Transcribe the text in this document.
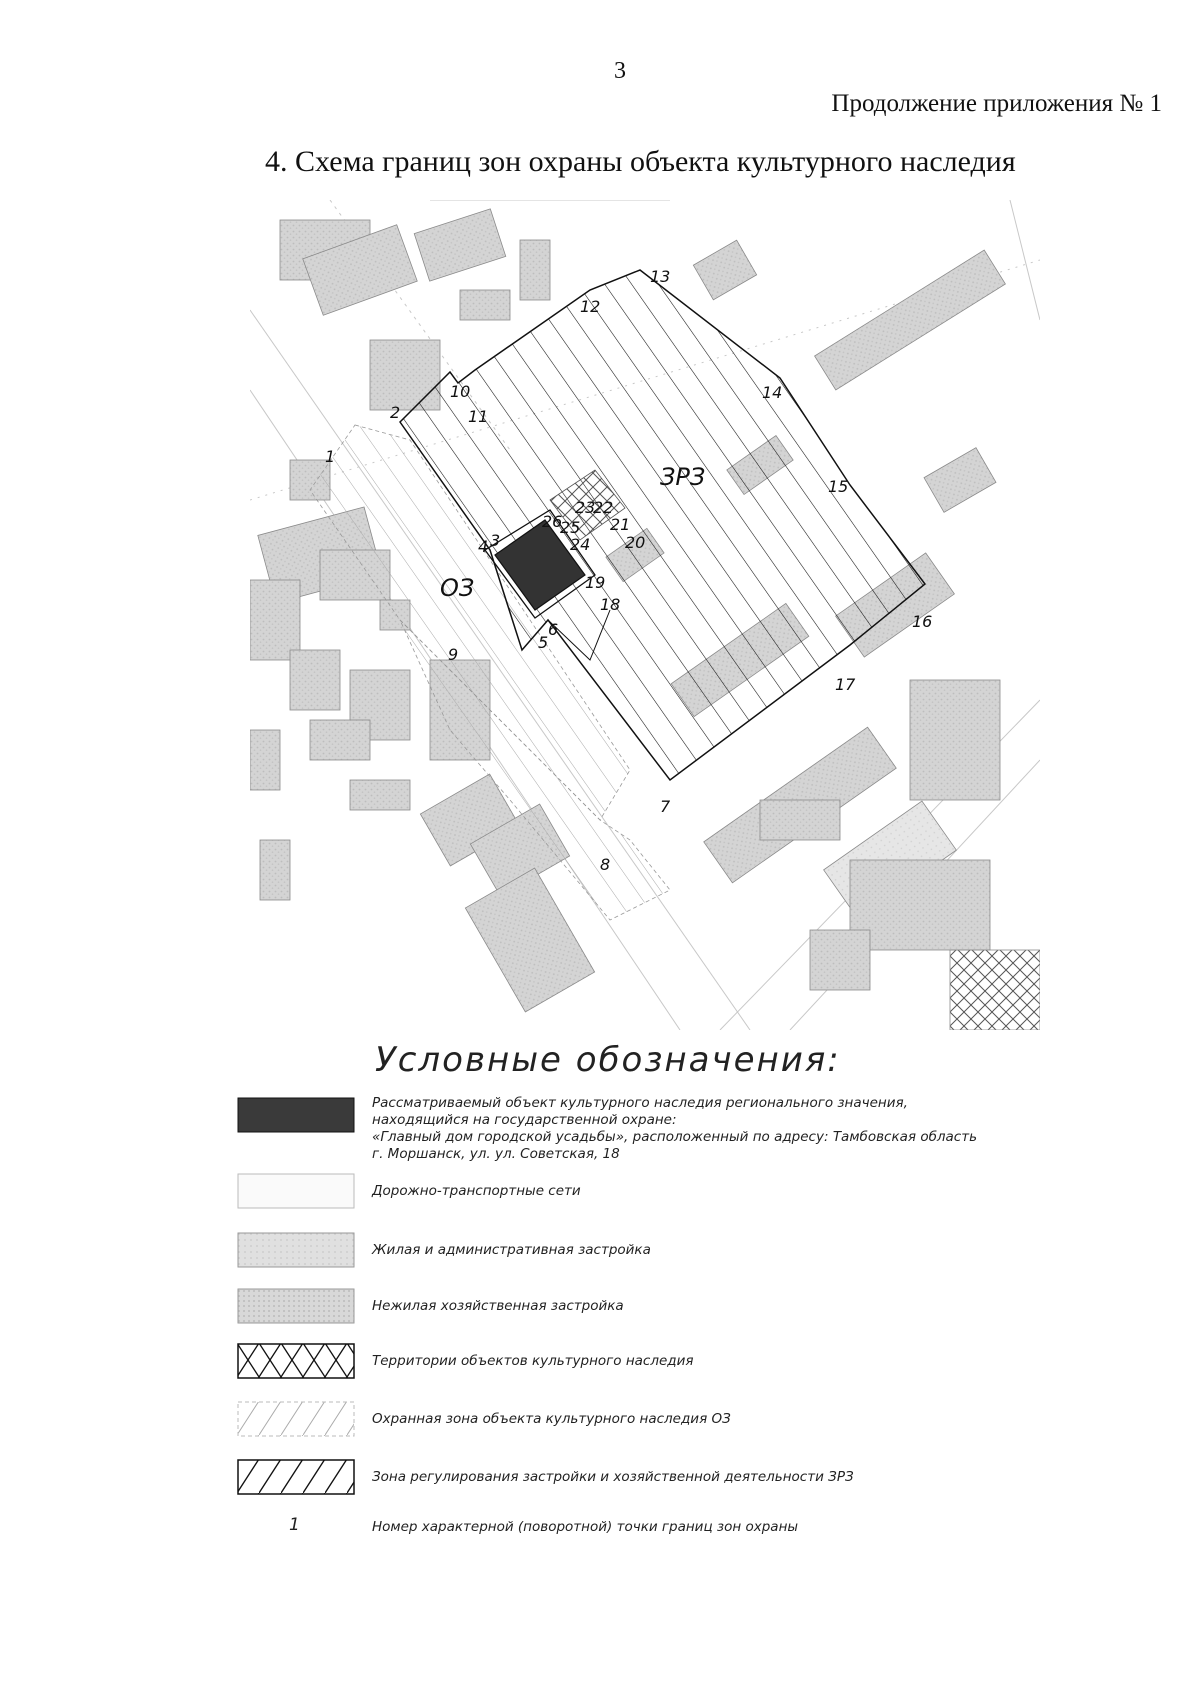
3
Продолжение приложения № 1
4. Схема границ зон охраны объекта культурного наследия
ЗРЗ
ОЗ
1
2
3
4
5
6
7
8
9
10
11
12
13
14
15
16
17
18
19
20
21
22
23
24
25
26
Условные обозначения:
Рассматриваемый объект культурного наследия регионального значения,
находящийся на государственной охране:
«Главный дом городской усадьбы», расположенный по адресу: Тамбовская область
г. Моршанск, ул. ул. Советская, 18
Дорожно-транспортные сети
Жилая и административная застройка
Нежилая хозяйственная застройка
Территории объектов культурного наследия
Охранная зона объекта культурного наследия ОЗ
Зона регулирования застройки и хозяйственной деятельности ЗРЗ
1	Номер характерной (поворотной) точки границ зон охраны
